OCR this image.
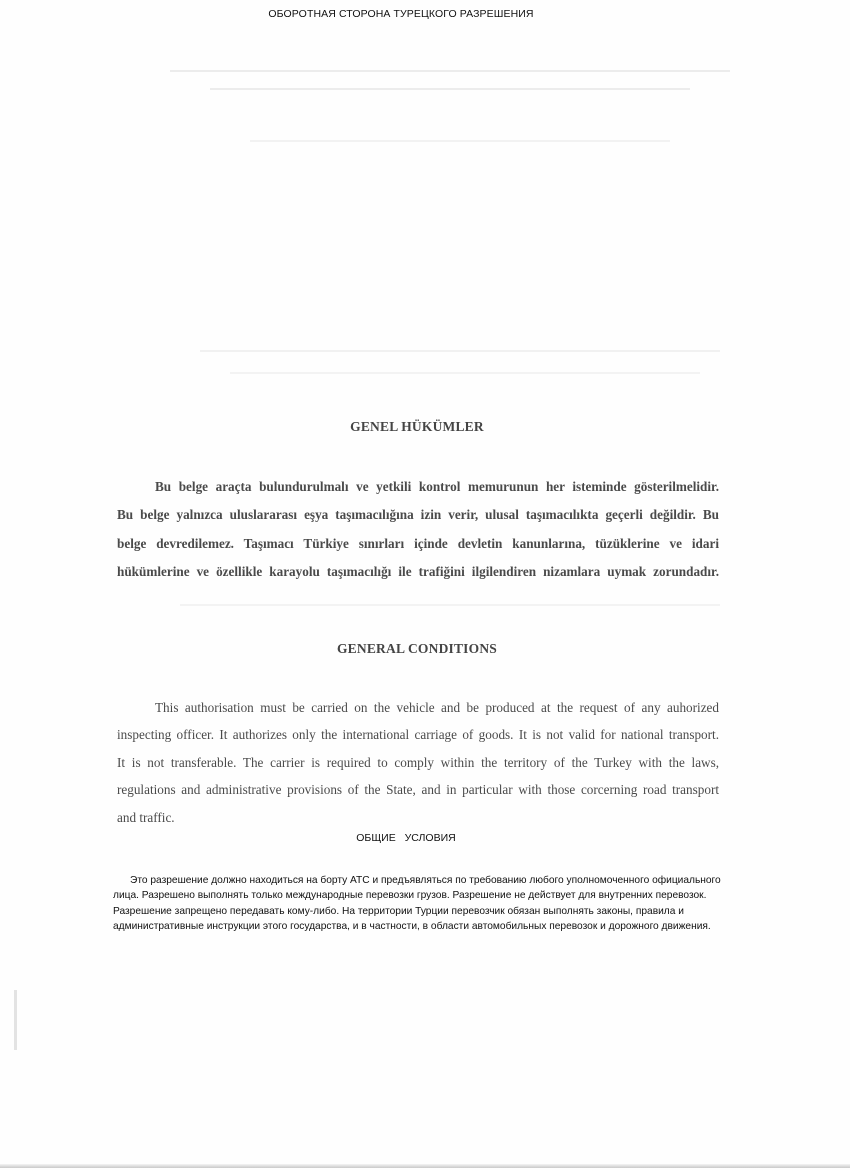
ОБОРОТНАЯ СТОРОНА ТУРЕЦКОГО РАЗРЕШЕНИЯ
GENEL HÜKÜMLER
Bu belge araçta bulundurulmalı ve yetkili kontrol memurunun her isteminde gösterilmelidir.
Bu belge yalnızca uluslararası eşya taşımacılığına izin verir, ulusal taşımacılıkta geçerli değildir. Bu
belge devredilemez. Taşımacı Türkiye sınırları içinde devletin kanunlarına, tüzüklerine ve idari
hükümlerine ve özellikle karayolu taşımacılığı ile trafiğini ilgilendiren nizamlara uymak zorundadır.
GENERAL CONDITIONS
This authorisation must be carried on the vehicle and be produced at the request of any auhorized
inspecting officer. It authorizes only the international carriage of goods. It is not valid for national transport.
It is not transferable. The carrier is required to comply within the territory of the Turkey with the laws,
regulations and administrative provisions of the State, and in particular with those corcerning road transport
and traffic.
ОБЩИЕ УСЛОВИЯ
Это разрешение должно находиться на борту АТС и предъявляться по требованию любого уполномоченного официального
лица. Разрешено выполнять только международные перевозки грузов. Разрешение не действует для внутренних перевозок.
Разрешение запрещено передавать кому-либо. На территории Турции перевозчик обязан выполнять законы, правила и
административные инструкции этого государства, и в частности, в области автомобильных перевозок и дорожного движения.
